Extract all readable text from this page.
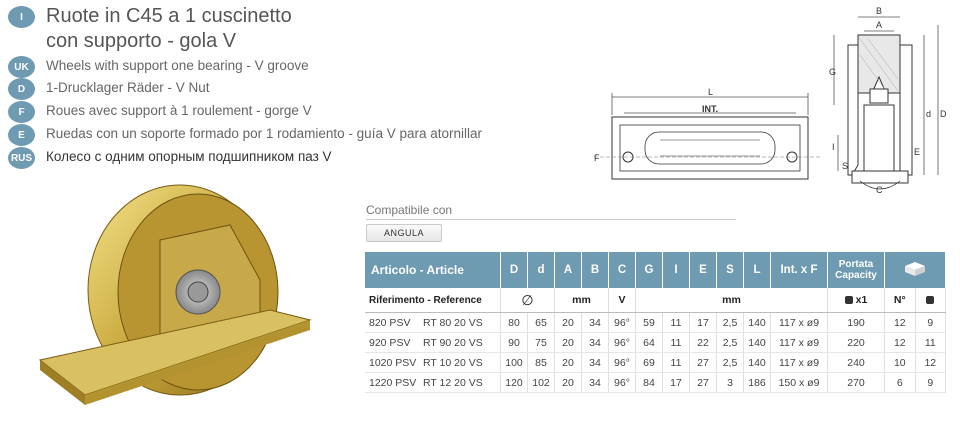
I	Ruote in C45 a 1 cuscinetto
con supporto - gola V
UK	Wheels with support one bearing - V groove
D	1-Drucklager Räder - V Nut
F	Roues avec support à 1 roulement - gorge V
E	Ruedas con un soporte formado por 1 rodamiento - guía V para atornillar
RUS Колесо с одним опорным подшипником паз V
L
INT.
F
B
A
G
I
S
E
d D
C
Compatibile con
ANGULA
Articolo - Article	D	d	A	B	C	G	I	E	S	L	Int. x F	Portata Capacity	
Riferimento - Reference	∅		mm		V	mm						x1	N°	
820 PSV RT 80 20 VS	80	65	20	34	96°	59	11	17	2,5	140	117 x ø9	190	12	9
920 PSV RT 90 20 VS	90	75	20	34	96°	64	11	22	2,5	140	117 x ø9	220	12	11
1020 PSV RT 10 20 VS	100	85	20	34	96°	69	11	27	2,5	140	117 x ø9	240	10	12
1220 PSV RT 12 20 VS	120	102	20	34	96°	84	17	27	3	186	150 x ø9	270	6	9
